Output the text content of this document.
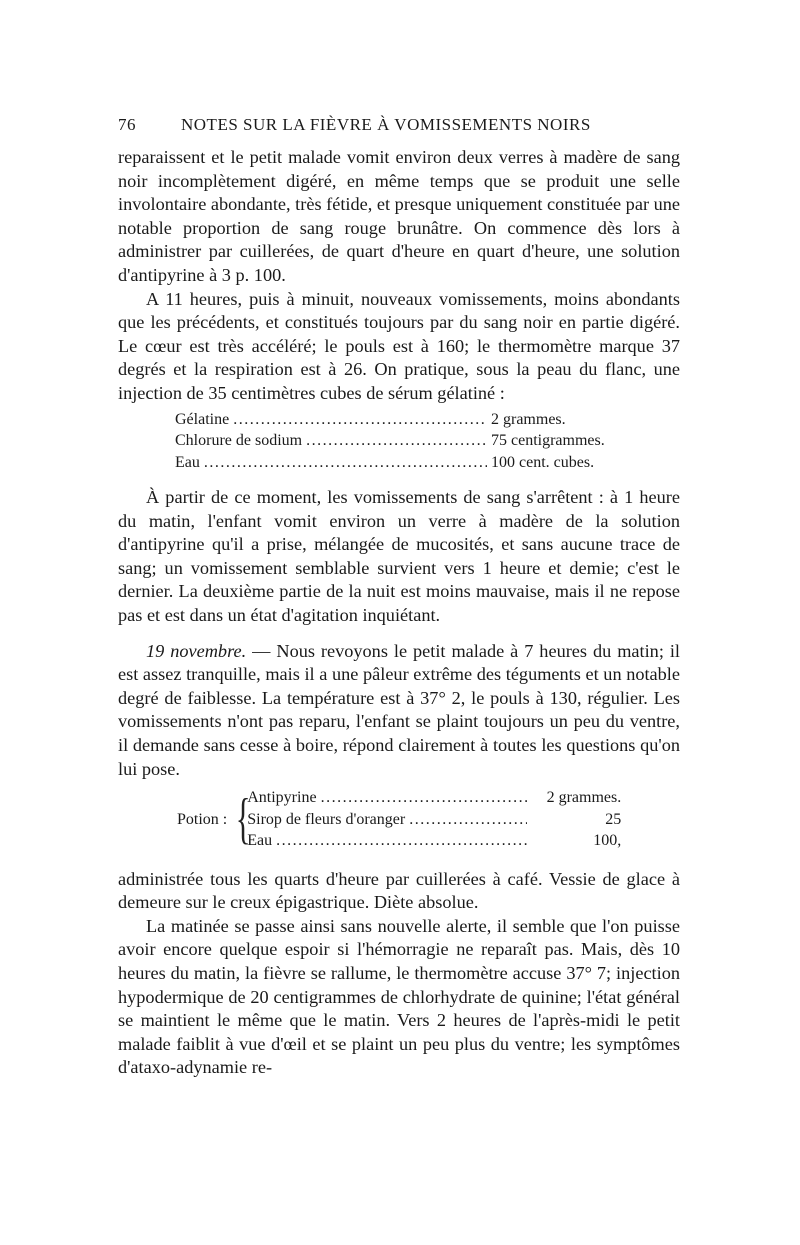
76	NOTES SUR LA FIÈVRE À VOMISSEMENTS NOIRS

reparaissent et le petit malade vomit environ deux verres à madère de sang noir incomplètement digéré, en même temps que se produit une selle involontaire abondante, très fétide, et presque uniquement constituée par une notable proportion de sang rouge brunâtre. On commence dès lors à administrer par cuillerées, de quart d'heure en quart d'heure, une solution d'antipyrine à 3 p. 100.

A 11 heures, puis à minuit, nouveaux vomissements, moins abondants que les précédents, et constitués toujours par du sang noir en partie digéré. Le cœur est très accéléré; le pouls est à 160; le thermomètre marque 37 degrés et la respiration est à 26. On pratique, sous la peau du flanc, une injection de 35 centimètres cubes de sérum gélatiné :

Gélatine .....	2 grammes.
Chlorure de sodium .....	75 centigrammes.
Eau .....	100 cent. cubes.

À partir de ce moment, les vomissements de sang s'arrêtent : à 1 heure du matin, l'enfant vomit environ un verre à madère de la solution d'antipyrine qu'il a prise, mélangée de mucosités, et sans aucune trace de sang; un vomissement semblable survient vers 1 heure et demie; c'est le dernier. La deuxième partie de la nuit est moins mauvaise, mais il ne repose pas et est dans un état d'agitation inquiétant.

19 novembre. — Nous revoyons le petit malade à 7 heures du matin; il est assez tranquille, mais il a une pâleur extrême des téguments et un notable degré de faiblesse. La température est à 37° 2, le pouls à 130, régulier. Les vomissements n'ont pas reparu, l'enfant se plaint toujours un peu du ventre, il demande sans cesse à boire, répond clairement à toutes les questions qu'on lui pose.

Potion : {
Antipyrine .....	2 grammes.
Sirop de fleurs d'oranger .....	25
Eau .....	100,

administrée tous les quarts d'heure par cuillerées à café. Vessie de glace à demeure sur le creux épigastrique. Diète absolue.

La matinée se passe ainsi sans nouvelle alerte, il semble que l'on puisse avoir encore quelque espoir si l'hémorragie ne reparaît pas. Mais, dès 10 heures du matin, la fièvre se rallume, le thermomètre accuse 37° 7; injection hypodermique de 20 centigrammes de chlorhydrate de quinine; l'état général se maintient le même que le matin. Vers 2 heures de l'après-midi le petit malade faiblit à vue d'œil et se plaint un peu plus du ventre; les symptômes d'ataxo-adynamie re-
